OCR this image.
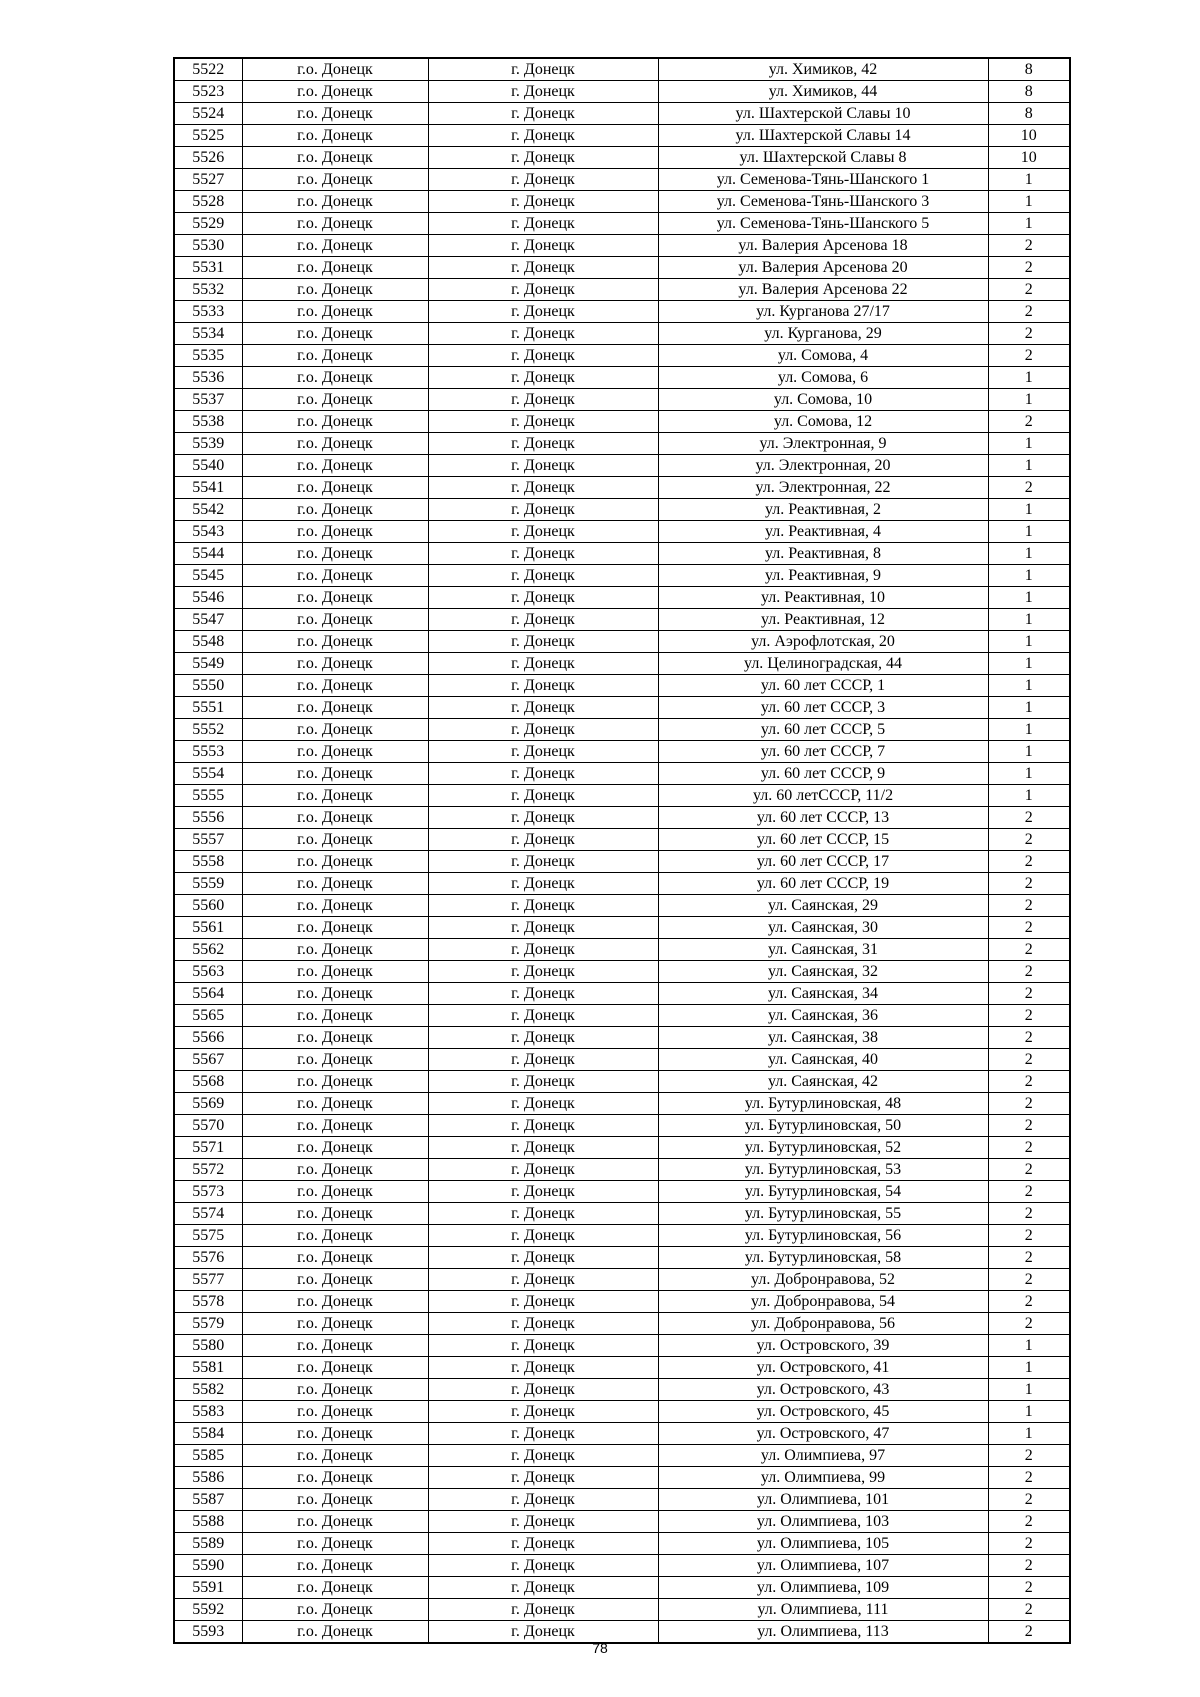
5522	г.о. Донецк	г. Донецк	ул. Химиков, 42	8
5523	г.о. Донецк	г. Донецк	ул. Химиков, 44	8
5524	г.о. Донецк	г. Донецк	ул. Шахтерской Славы 10	8
5525	г.о. Донецк	г. Донецк	ул. Шахтерской Славы 14	10
5526	г.о. Донецк	г. Донецк	ул. Шахтерской Славы 8	10
5527	г.о. Донецк	г. Донецк	ул. Семенова-Тянь-Шанского 1	1
5528	г.о. Донецк	г. Донецк	ул. Семенова-Тянь-Шанского 3	1
5529	г.о. Донецк	г. Донецк	ул. Семенова-Тянь-Шанского 5	1
5530	г.о. Донецк	г. Донецк	ул. Валерия Арсенова 18	2
5531	г.о. Донецк	г. Донецк	ул. Валерия Арсенова 20	2
5532	г.о. Донецк	г. Донецк	ул. Валерия Арсенова 22	2
5533	г.о. Донецк	г. Донецк	ул. Курганова 27/17	2
5534	г.о. Донецк	г. Донецк	ул. Курганова, 29	2
5535	г.о. Донецк	г. Донецк	ул. Сомова, 4	2
5536	г.о. Донецк	г. Донецк	ул. Сомова, 6	1
5537	г.о. Донецк	г. Донецк	ул. Сомова, 10	1
5538	г.о. Донецк	г. Донецк	ул. Сомова, 12	2
5539	г.о. Донецк	г. Донецк	ул. Электронная, 9	1
5540	г.о. Донецк	г. Донецк	ул. Электронная, 20	1
5541	г.о. Донецк	г. Донецк	ул. Электронная, 22	2
5542	г.о. Донецк	г. Донецк	ул. Реактивная, 2	1
5543	г.о. Донецк	г. Донецк	ул. Реактивная, 4	1
5544	г.о. Донецк	г. Донецк	ул. Реактивная, 8	1
5545	г.о. Донецк	г. Донецк	ул. Реактивная, 9	1
5546	г.о. Донецк	г. Донецк	ул. Реактивная, 10	1
5547	г.о. Донецк	г. Донецк	ул. Реактивная, 12	1
5548	г.о. Донецк	г. Донецк	ул. Аэрофлотская, 20	1
5549	г.о. Донецк	г. Донецк	ул. Целиноградская, 44	1
5550	г.о. Донецк	г. Донецк	ул. 60 лет СССР, 1	1
5551	г.о. Донецк	г. Донецк	ул. 60 лет СССР, 3	1
5552	г.о. Донецк	г. Донецк	ул. 60 лет СССР, 5	1
5553	г.о. Донецк	г. Донецк	ул. 60 лет СССР, 7	1
5554	г.о. Донецк	г. Донецк	ул. 60 лет СССР, 9	1
5555	г.о. Донецк	г. Донецк	ул. 60 летСССР, 11/2	1
5556	г.о. Донецк	г. Донецк	ул. 60 лет СССР, 13	2
5557	г.о. Донецк	г. Донецк	ул. 60 лет СССР, 15	2
5558	г.о. Донецк	г. Донецк	ул. 60 лет СССР, 17	2
5559	г.о. Донецк	г. Донецк	ул. 60 лет СССР, 19	2
5560	г.о. Донецк	г. Донецк	ул. Саянская, 29	2
5561	г.о. Донецк	г. Донецк	ул. Саянская, 30	2
5562	г.о. Донецк	г. Донецк	ул. Саянская, 31	2
5563	г.о. Донецк	г. Донецк	ул. Саянская, 32	2
5564	г.о. Донецк	г. Донецк	ул. Саянская, 34	2
5565	г.о. Донецк	г. Донецк	ул. Саянская, 36	2
5566	г.о. Донецк	г. Донецк	ул. Саянская, 38	2
5567	г.о. Донецк	г. Донецк	ул. Саянская, 40	2
5568	г.о. Донецк	г. Донецк	ул. Саянская, 42	2
5569	г.о. Донецк	г. Донецк	ул. Бутурлиновская, 48	2
5570	г.о. Донецк	г. Донецк	ул. Бутурлиновская, 50	2
5571	г.о. Донецк	г. Донецк	ул. Бутурлиновская, 52	2
5572	г.о. Донецк	г. Донецк	ул. Бутурлиновская, 53	2
5573	г.о. Донецк	г. Донецк	ул. Бутурлиновская, 54	2
5574	г.о. Донецк	г. Донецк	ул. Бутурлиновская, 55	2
5575	г.о. Донецк	г. Донецк	ул. Бутурлиновская, 56	2
5576	г.о. Донецк	г. Донецк	ул. Бутурлиновская, 58	2
5577	г.о. Донецк	г. Донецк	ул. Добронравова, 52	2
5578	г.о. Донецк	г. Донецк	ул. Добронравова, 54	2
5579	г.о. Донецк	г. Донецк	ул. Добронравова, 56	2
5580	г.о. Донецк	г. Донецк	ул. Островского, 39	1
5581	г.о. Донецк	г. Донецк	ул. Островского, 41	1
5582	г.о. Донецк	г. Донецк	ул. Островского, 43	1
5583	г.о. Донецк	г. Донецк	ул. Островского, 45	1
5584	г.о. Донецк	г. Донецк	ул. Островского, 47	1
5585	г.о. Донецк	г. Донецк	ул. Олимпиева, 97	2
5586	г.о. Донецк	г. Донецк	ул. Олимпиева, 99	2
5587	г.о. Донецк	г. Донецк	ул. Олимпиева, 101	2
5588	г.о. Донецк	г. Донецк	ул. Олимпиева, 103	2
5589	г.о. Донецк	г. Донецк	ул. Олимпиева, 105	2
5590	г.о. Донецк	г. Донецк	ул. Олимпиева, 107	2
5591	г.о. Донецк	г. Донецк	ул. Олимпиева, 109	2
5592	г.о. Донецк	г. Донецк	ул. Олимпиева, 111	2
5593	г.о. Донецк	г. Донецк	ул. Олимпиева, 113	2
78
